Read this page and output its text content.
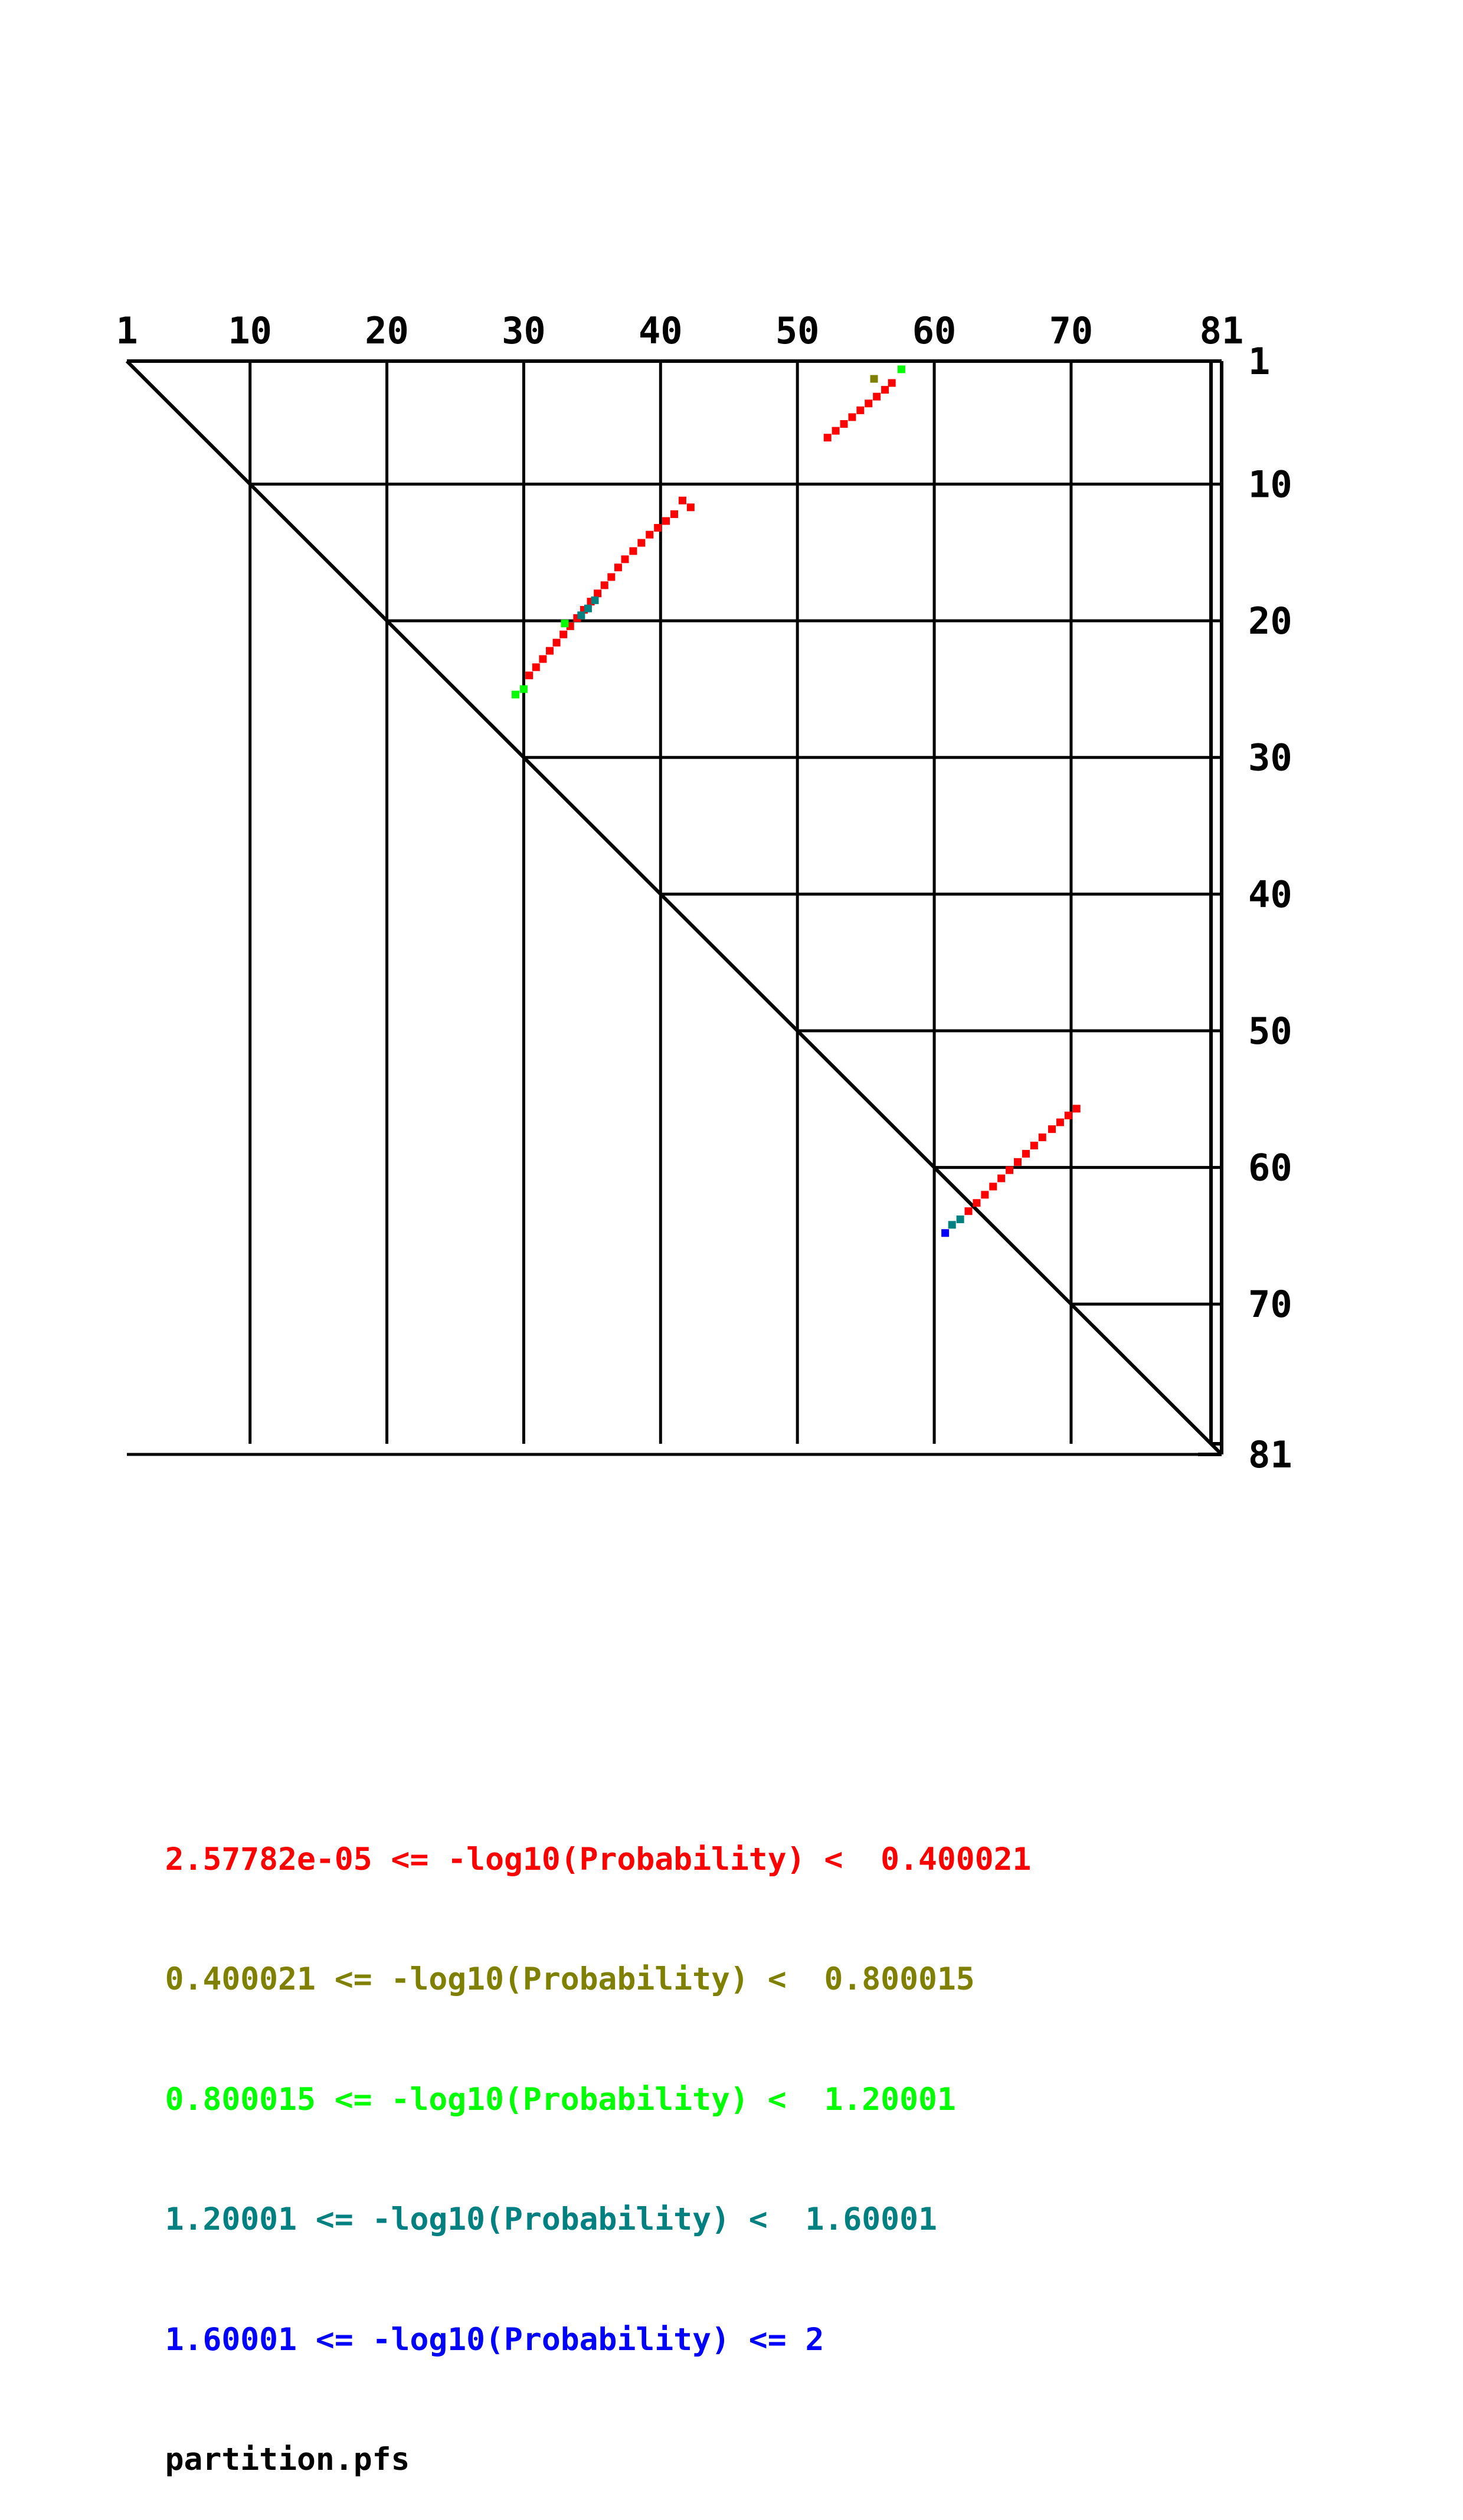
1 10	20	30	40	50	60	70	81
1
10
20
30
40
50
60
70
81

2.57782e-05 <= -log10(Probability) <  0.400021

0.400021 <= -log10(Probability) <  0.800015

0.800015 <= -log10(Probability) <  1.20001

1.20001 <= -log10(Probability) <  1.60001

1.60001 <= -log10(Probability) <= 2

partition.pfs
